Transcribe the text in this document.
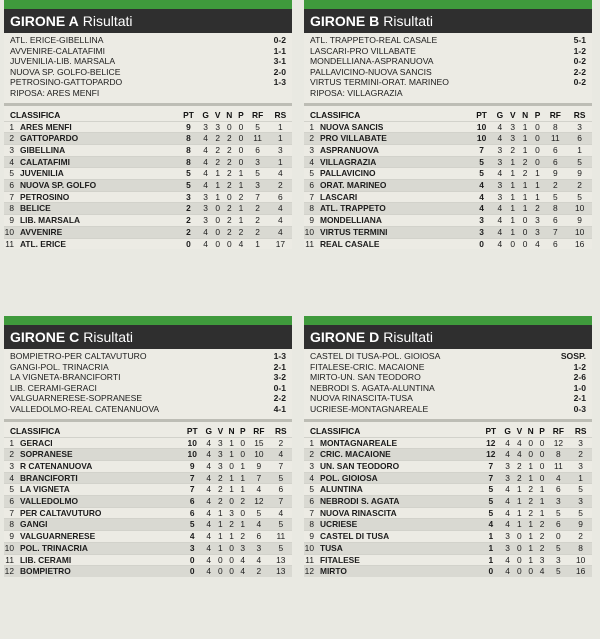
GIRONE A Risultati
ATL. ERICE-GIBELLINA	0-2
AVVENIRE-CALATAFIMI	1-1
JUVENILIA-LIB. MARSALA	3-1
NUOVA SP. GOLFO-BELICE	2-0
PETROSINO-GATTOPARDO	1-3
RIPOSA: ARES MENFI
CLASSIFICA		PT	G	V	N	P	RF	RS
1	ARES MENFI	9	3	3	0	0	5	1
2	GATTOPARDO	8	4	2	2	0	11	1
3	GIBELLINA	8	4	2	2	0	6	3
4	CALATAFIMI	8	4	2	2	0	3	1
5	JUVENILIA	5	4	1	2	1	5	4
6	NUOVA SP. GOLFO	5	4	1	2	1	3	2
7	PETROSINO	3	3	1	0	2	7	6
8	BELICE	2	3	0	2	1	2	4
9	LIB. MARSALA	2	3	0	2	1	2	4
10	AVVENIRE	2	4	0	2	2	2	4
11	ATL. ERICE	0	4	0	0	4	1	17
GIRONE B Risultati
ATL. TRAPPETO-REAL CASALE	5-1
LASCARI-PRO VILLABATE	1-2
MONDELLIANA-ASPRANUOVA	0-2
PALLAVICINO-NUOVA SANCIS	2-2
VIRTUS TERMINI-ORAT. MARINEO	0-2
RIPOSA: VILLAGRAZIA
CLASSIFICA		PT	G	V	N	P	RF	RS
1	NUOVA SANCIS	10	4	3	1	0	8	3
2	PRO VILLABATE	10	4	3	1	0	11	6
3	ASPRANUOVA	7	3	2	1	0	6	1
4	VILLAGRAZIA	5	3	1	2	0	6	5
5	PALLAVICINO	5	4	1	2	1	9	9
6	ORAT. MARINEO	4	3	1	1	1	2	2
7	LASCARI	4	3	1	1	1	5	5
8	ATL. TRAPPETO	4	4	1	1	2	8	10
9	MONDELLIANA	3	4	1	0	3	6	9
10	VIRTUS TERMINI	3	4	1	0	3	7	10
11	REAL CASALE	0	4	0	0	4	6	16
GIRONE C Risultati
BOMPIETRO-PER CALTAVUTURO	1-3
GANGI-POL. TRINACRIA	2-1
LA VIGNETA-BRANCIFORTI	3-2
LIB. CERAMI-GERACI	0-1
VALGUARNERESE-SOPRANESE	2-2
VALLEDOLMO-REAL CATENANUOVA	4-1
CLASSIFICA		PT	G	V	N	P	RF	RS
1	GERACI	10	4	3	1	0	15	2
2	SOPRANESE	10	4	3	1	0	10	4
3	R CATENANUOVA	9	4	3	0	1	9	7
4	BRANCIFORTI	7	4	2	1	1	7	5
5	LA VIGNETA	7	4	2	1	1	4	6
6	VALLEDOLMO	6	4	2	0	2	12	7
7	PER CALTAVUTURO	6	4	1	3	0	5	4
8	GANGI	5	4	1	2	1	4	5
9	VALGUARNERESE	4	4	1	1	2	6	11
10	POL. TRINACRIA	3	4	1	0	3	3	5
11	LIB. CERAMI	0	4	0	0	4	4	13
12	BOMPIETRO	0	4	0	0	4	2	13
GIRONE D Risultati
CASTEL DI TUSA-POL. GIOIOSA	SOSP.
FITALESE-CRIC. MACAIONE	1-2
MIRTO-UN. SAN TEODORO	2-6
NEBRODI S. AGATA-ALUNTINA	1-0
NUOVA RINASCITA-TUSA	2-1
UCRIESE-MONTAGNAREALE	0-3
CLASSIFICA		PT	G	V	N	P	RF	RS
1	MONTAGNAREALE	12	4	4	0	0	12	3
2	CRIC. MACAIONE	12	4	4	0	0	8	2
3	UN. SAN TEODORO	7	3	2	1	0	11	3
4	POL. GIOIOSA	7	3	2	1	0	4	1
5	ALUNTINA	5	4	1	2	1	6	5
6	NEBRODI S. AGATA	5	4	1	2	1	3	3
7	NUOVA RINASCITA	5	4	1	2	1	5	5
8	UCRIESE	4	4	1	1	2	6	9
9	CASTEL DI TUSA	1	3	0	1	2	0	2
10	TUSA	1	3	0	1	2	5	8
11	FITALESE	1	4	0	1	3	3	10
12	MIRTO	0	4	0	0	4	5	16
